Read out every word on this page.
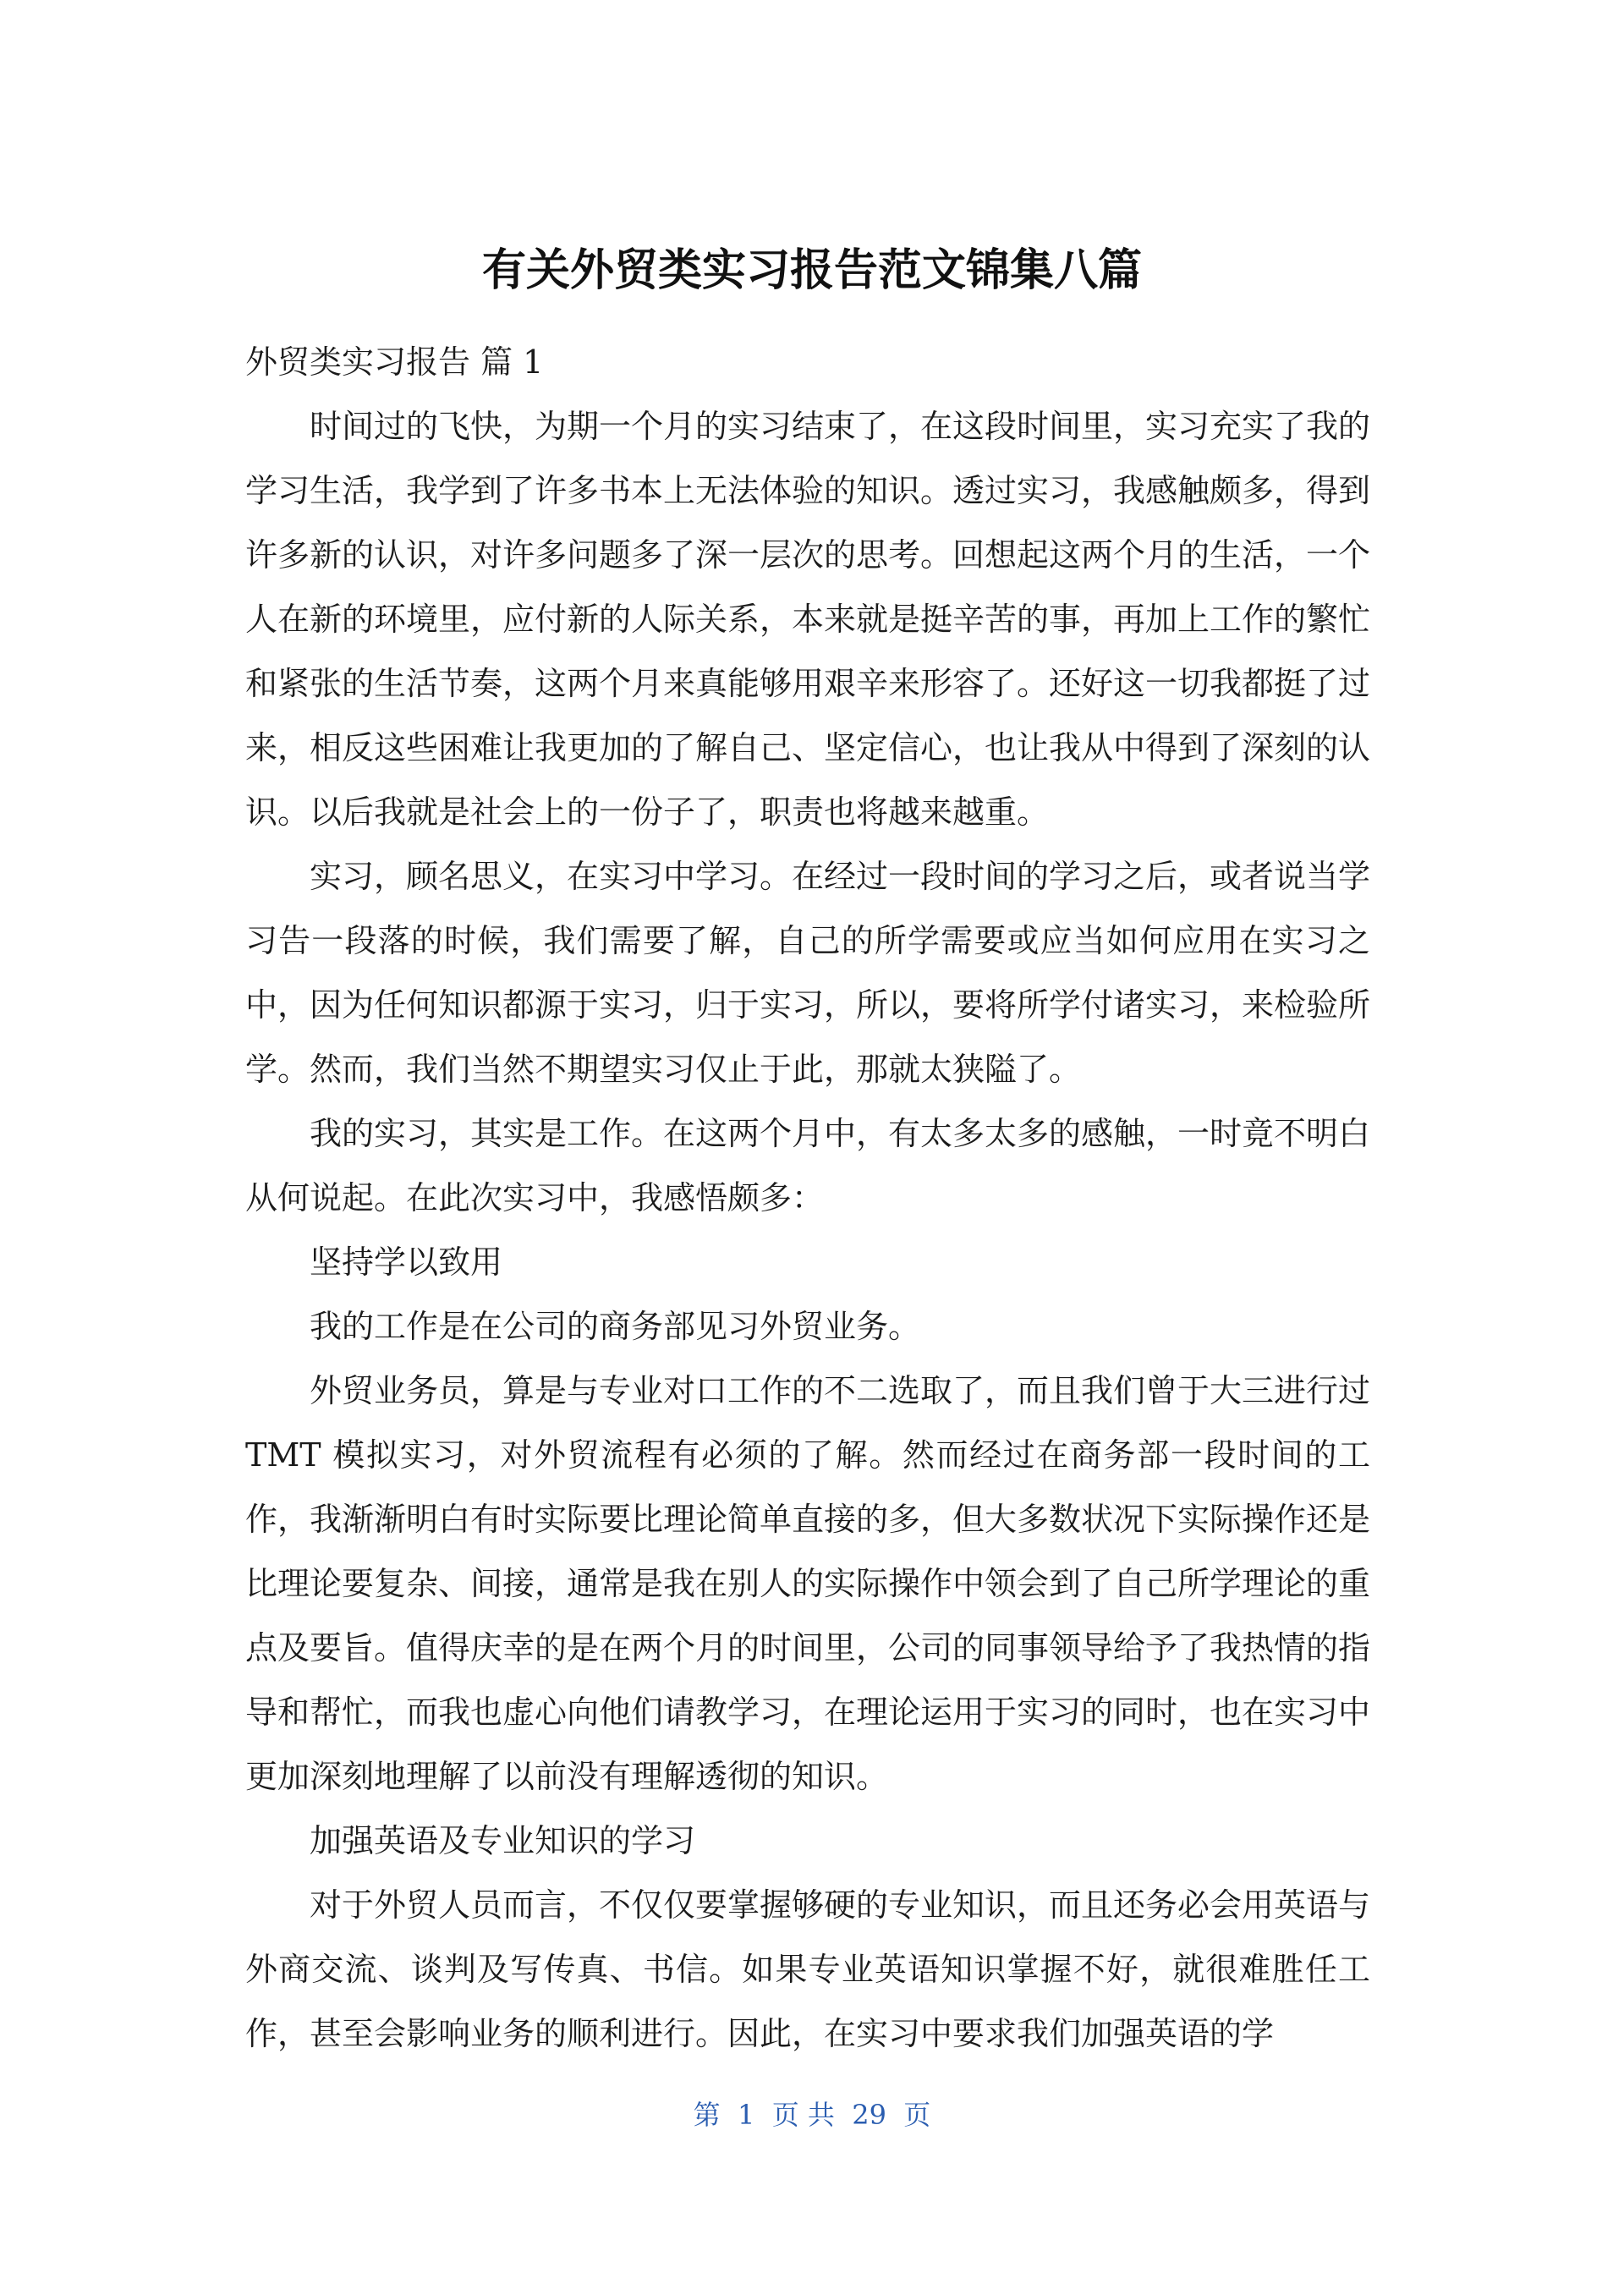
有关外贸类实习报告范文锦集八篇

外贸类实习报告 篇 1

时间过的飞快，为期一个月的实习结束了，在这段时间里，实习充实了我的学习生活，我学到了许多书本上无法体验的知识。透过实习，我感触颇多，得到许多新的认识，对许多问题多了深一层次的思考。回想起这两个月的生活，一个人在新的环境里，应付新的人际关系，本来就是挺辛苦的事，再加上工作的繁忙和紧张的生活节奏，这两个月来真能够用艰辛来形容了。还好这一切我都挺了过来，相反这些困难让我更加的了解自己、坚定信心，也让我从中得到了深刻的认识。以后我就是社会上的一份子了，职责也将越来越重。

实习，顾名思义，在实习中学习。在经过一段时间的学习之后，或者说当学习告一段落的时候，我们需要了解，自己的所学需要或应当如何应用在实习之中，因为任何知识都源于实习，归于实习，所以，要将所学付诸实习，来检验所学。然而，我们当然不期望实习仅止于此，那就太狭隘了。

我的实习，其实是工作。在这两个月中，有太多太多的感触，一时竟不明白从何说起。在此次实习中，我感悟颇多：

坚持学以致用

我的工作是在公司的商务部见习外贸业务。

外贸业务员，算是与专业对口工作的不二选取了，而且我们曾于大三进行过 TMT 模拟实习，对外贸流程有必须的了解。然而经过在商务部一段时间的工作，我渐渐明白有时实际要比理论简单直接的多，但大多数状况下实际操作还是比理论要复杂、间接，通常是我在别人的实际操作中领会到了自己所学理论的重点及要旨。值得庆幸的是在两个月的时间里，公司的同事领导给予了我热情的指导和帮忙，而我也虚心向他们请教学习，在理论运用于实习的同时，也在实习中更加深刻地理解了以前没有理解透彻的知识。

加强英语及专业知识的学习

对于外贸人员而言，不仅仅要掌握够硬的专业知识，而且还务必会用英语与外商交流、谈判及写传真、书信。如果专业英语知识掌握不好，就很难胜任工作，甚至会影响业务的顺利进行。因此，在实习中要求我们加强英语的学

第  1  页 共  29  页
